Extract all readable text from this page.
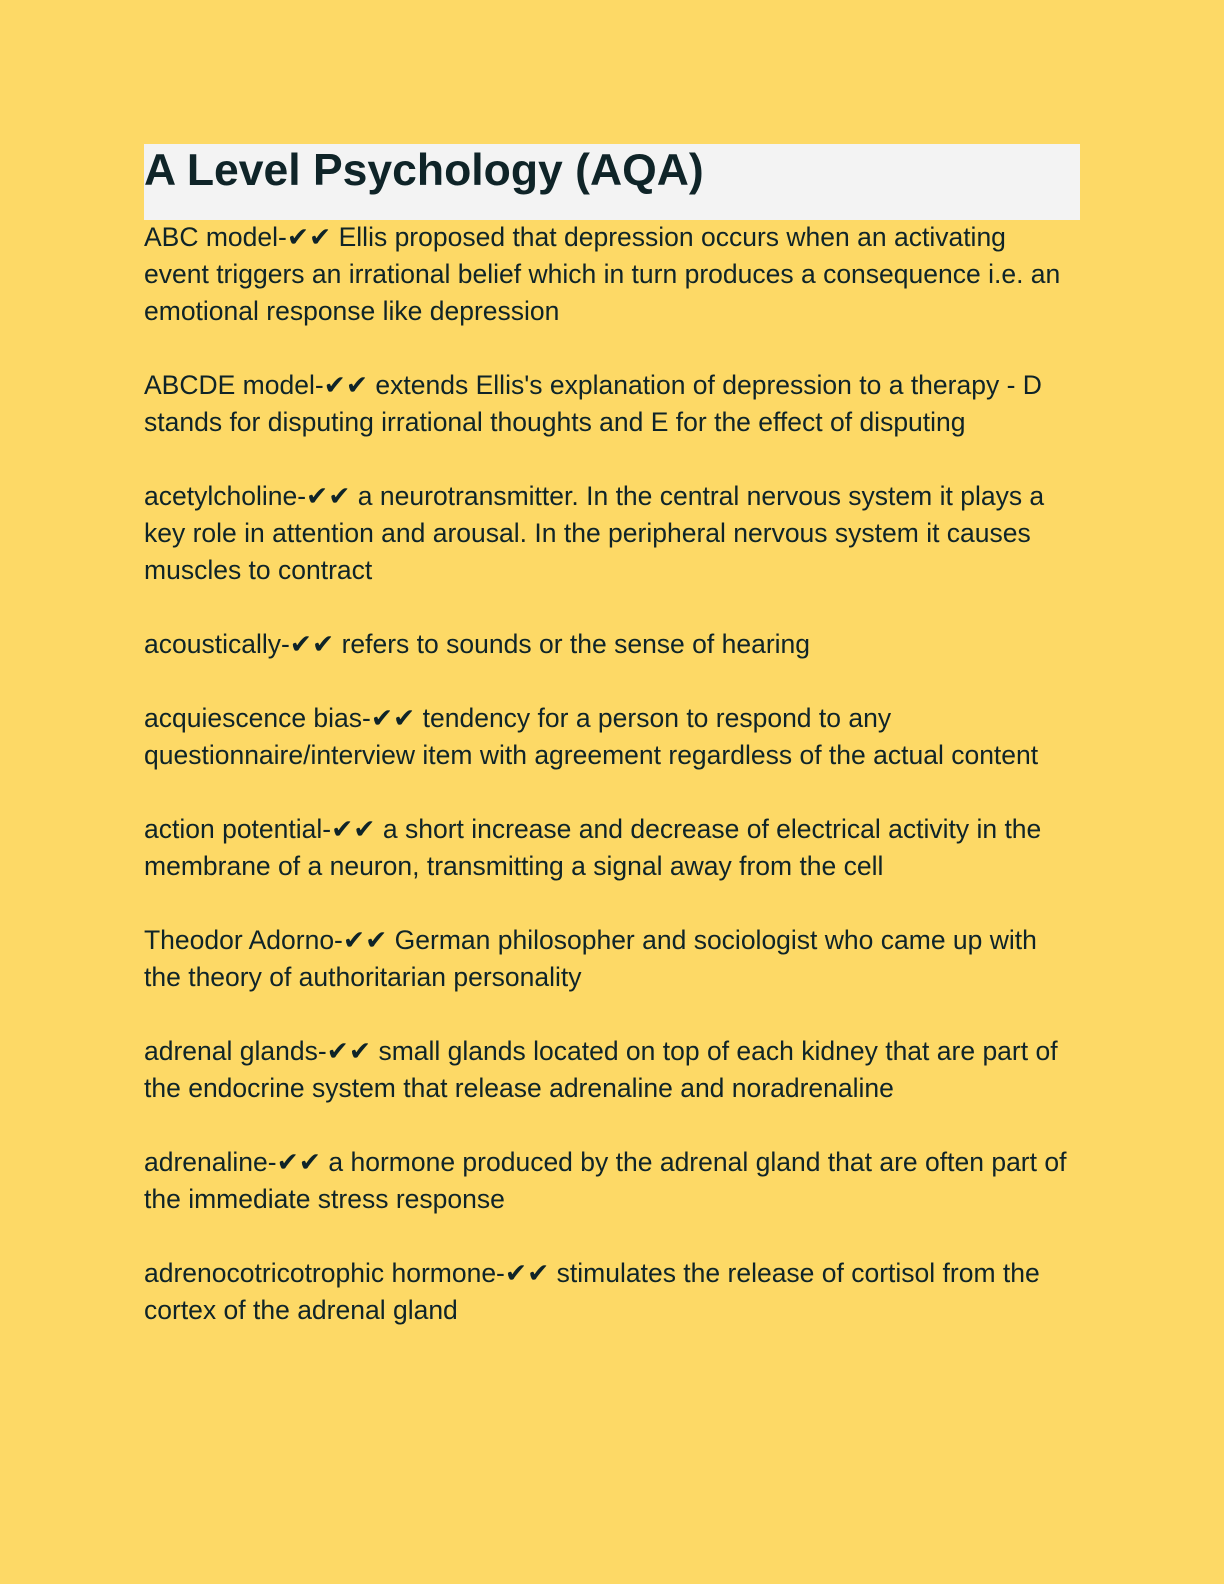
A Level Psychology (AQA)

ABC model-✔✔ Ellis proposed that depression occurs when an activating event triggers an irrational belief which in turn produces a consequence i.e. an emotional response like depression

ABCDE model-✔✔ extends Ellis's explanation of depression to a therapy - D stands for disputing irrational thoughts and E for the effect of disputing

acetylcholine-✔✔ a neurotransmitter. In the central nervous system it plays a key role in attention and arousal. In the peripheral nervous system it causes muscles to contract

acoustically-✔✔ refers to sounds or the sense of hearing

acquiescence bias-✔✔ tendency for a person to respond to any questionnaire/interview item with agreement regardless of the actual content

action potential-✔✔ a short increase and decrease of electrical activity in the membrane of a neuron, transmitting a signal away from the cell

Theodor Adorno-✔✔ German philosopher and sociologist who came up with the theory of authoritarian personality

adrenal glands-✔✔ small glands located on top of each kidney that are part of the endocrine system that release adrenaline and noradrenaline

adrenaline-✔✔ a hormone produced by the adrenal gland that are often part of the immediate stress response

adrenocotricotrophic hormone-✔✔ stimulates the release of cortisol from the cortex of the adrenal gland
